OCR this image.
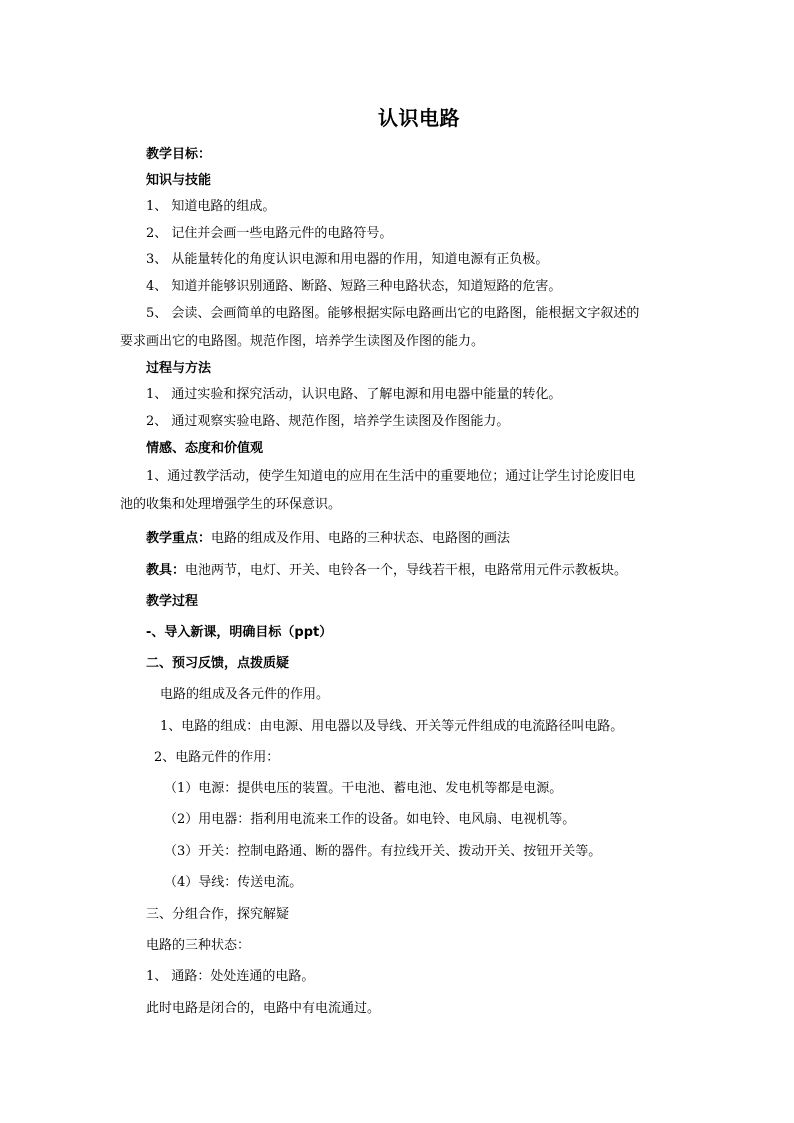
认识电路
教学目标：
知识与技能
1、 知道电路的组成。
2、 记住并会画一些电路元件的电路符号。
3、 从能量转化的角度认识电源和用电器的作用，知道电源有正负极。
4、 知道并能够识别通路、断路、短路三种电路状态，知道短路的危害。
5、 会读、会画简单的电路图。能够根据实际电路画出它的电路图，能根据文字叙述的
要求画出它的电路图。规范作图，培养学生读图及作图的能力。
过程与方法
1、 通过实验和探究活动，认识电路、了解电源和用电器中能量的转化。
2、 通过观察实验电路、规范作图，培养学生读图及作图能力。
情感、态度和价值观
1、通过教学活动，使学生知道电的应用在生活中的重要地位；通过让学生讨论废旧电
池的收集和处理增强学生的环保意识。
教学重点：电路的组成及作用、电路的三种状态、电路图的画法
教具：电池两节，电灯、开关、电铃各一个，导线若干根，电路常用元件示教板块。
教学过程
-、导入新课，明确目标（ppt）
二、预习反馈，点拨质疑
电路的组成及各元件的作用。
1、电路的组成：由电源、用电器以及导线、开关等元件组成的电流路径叫电路。
2、电路元件的作用：
（1）电源：提供电压的装置。干电池、蓄电池、发电机等都是电源。
（2）用电器：指利用电流来工作的设备。如电铃、电风扇、电视机等。
（3）开关：控制电路通、断的器件。有拉线开关、拨动开关、按钮开关等。
（4）导线：传送电流。
三、分组合作，探究解疑
电路的三种状态：
1、 通路：处处连通的电路。
此时电路是闭合的，电路中有电流通过。
